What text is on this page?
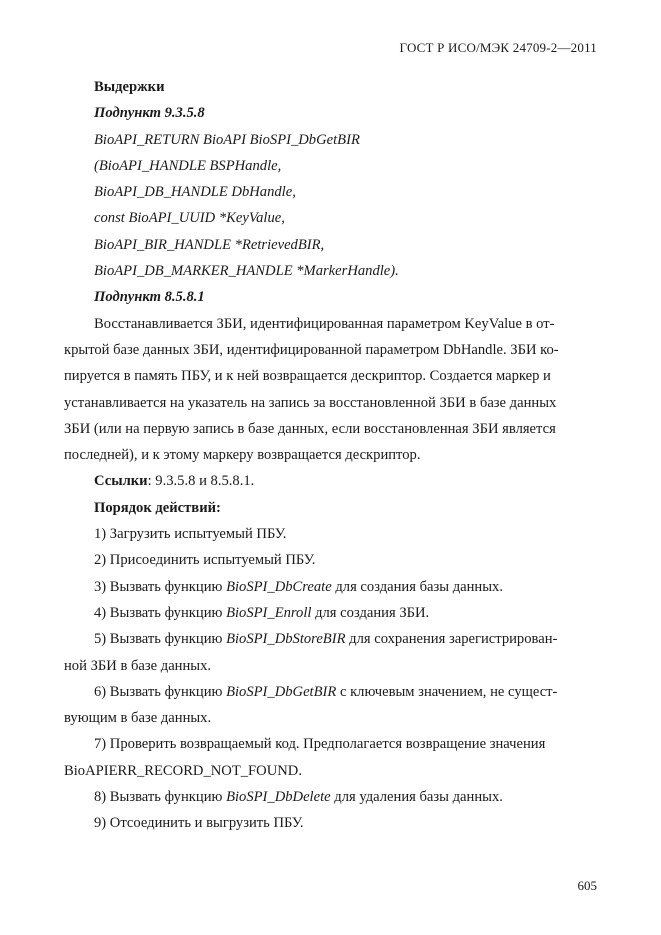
ГОСТ Р ИСО/МЭК 24709-2—2011

Выдержки

Подпункт 9.3.5.8

BioAPI_RETURN BioAPI BioSPI_DbGetBIR

(BioAPI_HANDLE BSPHandle,

BioAPI_DB_HANDLE DbHandle,

const BioAPI_UUID *KeyValue,

BioAPI_BIR_HANDLE *RetrievedBIR,

BioAPI_DB_MARKER_HANDLE *MarkerHandle).

Подпункт 8.5.8.1

Восстанавливается ЗБИ, идентифицированная параметром KeyValue в от-

крытой базе данных ЗБИ, идентифицированной параметром DbHandle. ЗБИ ко-

пируется в память ПБУ, и к ней возвращается дескриптор. Создается маркер и

устанавливается на указатель на запись за восстановленной ЗБИ в базе данных

ЗБИ (или на первую запись в базе данных, если восстановленная ЗБИ является

последней), и к этому маркеру возвращается дескриптор.

Ссылки: 9.3.5.8 и 8.5.8.1.

Порядок действий:

1) Загрузить испытуемый ПБУ.

2) Присоединить испытуемый ПБУ.

3) Вызвать функцию BioSPI_DbCreate для создания базы данных.

4) Вызвать функцию BioSPI_Enroll для создания ЗБИ.

5) Вызвать функцию BioSPI_DbStoreBIR для сохранения зарегистрирован-

ной ЗБИ в базе данных.

6) Вызвать функцию BioSPI_DbGetBIR с ключевым значением, не сущест-

вующим в базе данных.

7) Проверить возвращаемый код. Предполагается возвращение значения

BioAPIERR_RECORD_NOT_FOUND.

8) Вызвать функцию BioSPI_DbDelete для удаления базы данных.

9) Отсоединить и выгрузить ПБУ.

605
